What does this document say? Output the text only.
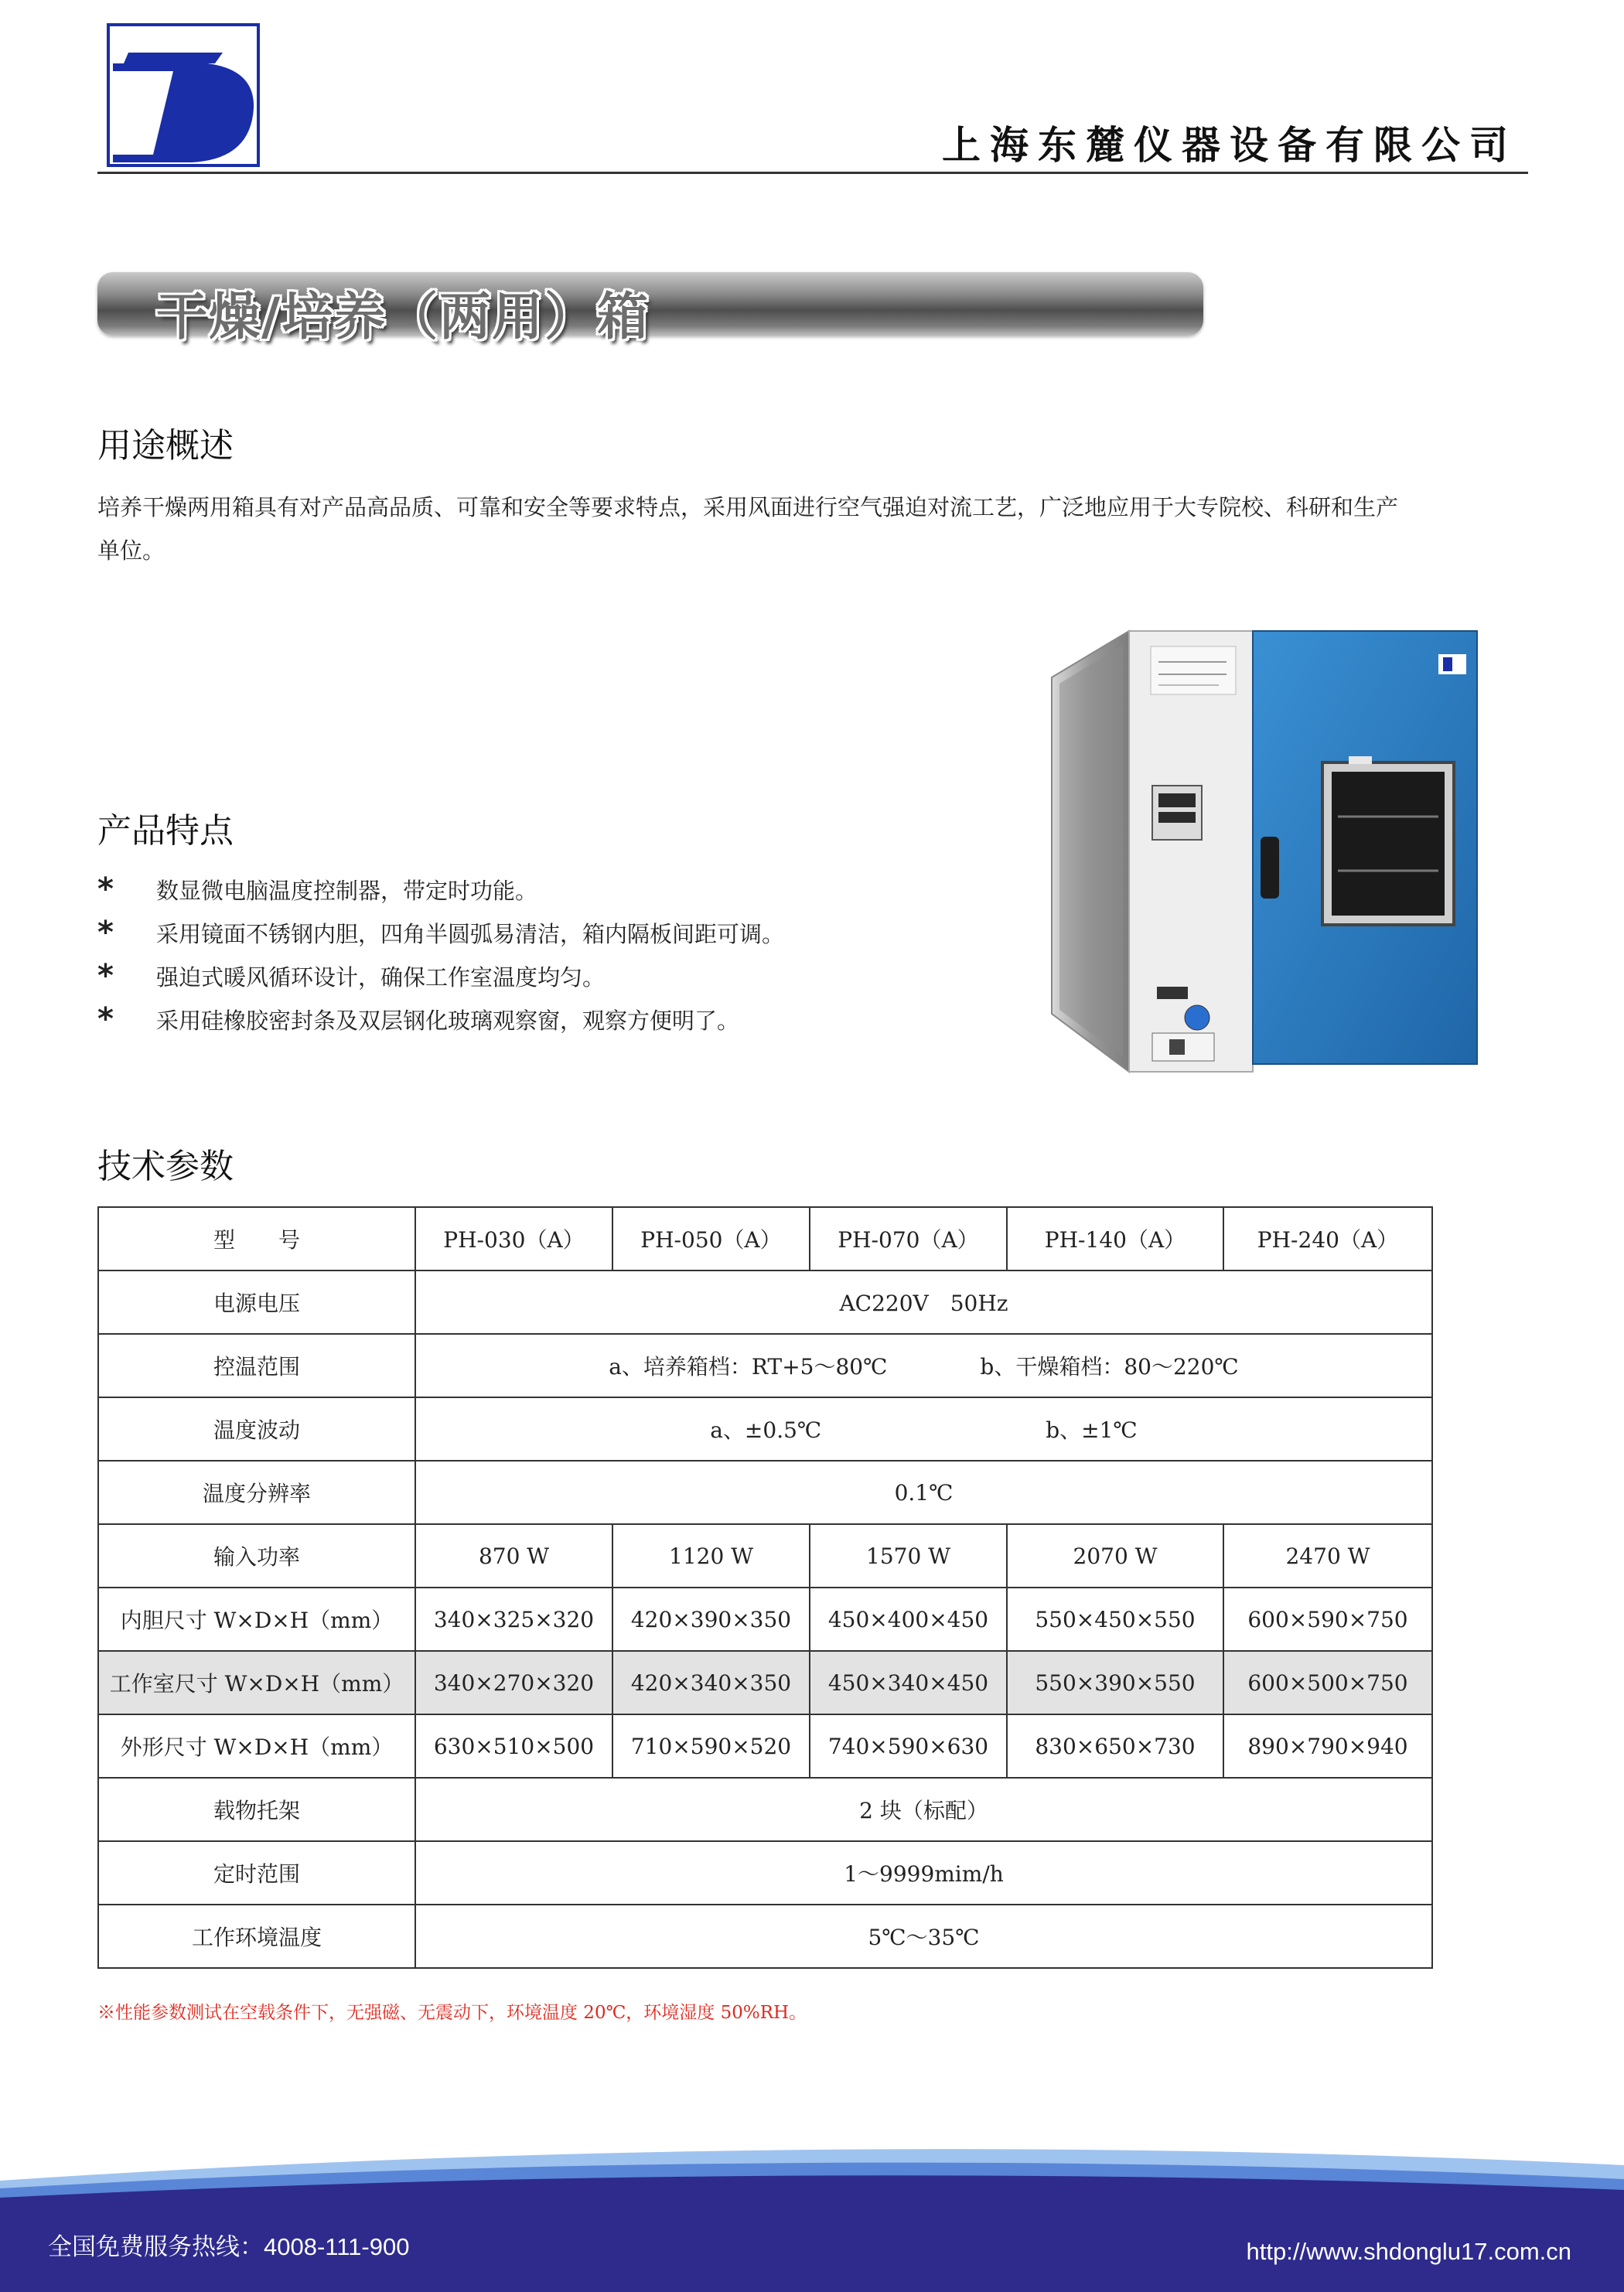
上海东麓仪器设备有限公司
干燥/培养（两用）箱
用途概述
培养干燥两用箱具有对产品高品质、可靠和安全等要求特点，采用风面进行空气强迫对流工艺，广泛地应用于大专院校、科研和生产单位。
产品特点
*	数显微电脑温度控制器，带定时功能。
*	采用镜面不锈钢内胆，四角半圆弧易清洁，箱内隔板间距可调。
*	强迫式暖风循环设计，确保工作室温度均匀。
*	采用硅橡胶密封条及双层钢化玻璃观察窗，观察方便明了。
技术参数
型　　号	PH-030（A）	PH-050（A）	PH-070（A）	PH-140（A）	PH-240（A）
电源电压	AC220V　50Hz				
控温范围	a、培养箱档：RT+5～80℃ b、干燥箱档：80～220℃				
温度波动	a、±0.5℃ b、±1℃				
温度分辨率	0.1℃				
输入功率	870 W	1120 W	1570 W	2070 W	2470 W
内胆尺寸 W×D×H（mm）	340×325×320	420×390×350	450×400×450	550×450×550	600×590×750
工作室尺寸 W×D×H（mm）	340×270×320	420×340×350	450×340×450	550×390×550	600×500×750
外形尺寸 W×D×H（mm）	630×510×500	710×590×520	740×590×630	830×650×730	890×790×940
载物托架	2 块（标配）				
定时范围	1～9999mim/h				
工作环境温度	5℃～35℃				
※性能参数测试在空载条件下，无强磁、无震动下，环境温度 20℃，环境湿度 50%RH。
全国免费服务热线：4008-111-900	http://www.shdonglu17.com.cn
